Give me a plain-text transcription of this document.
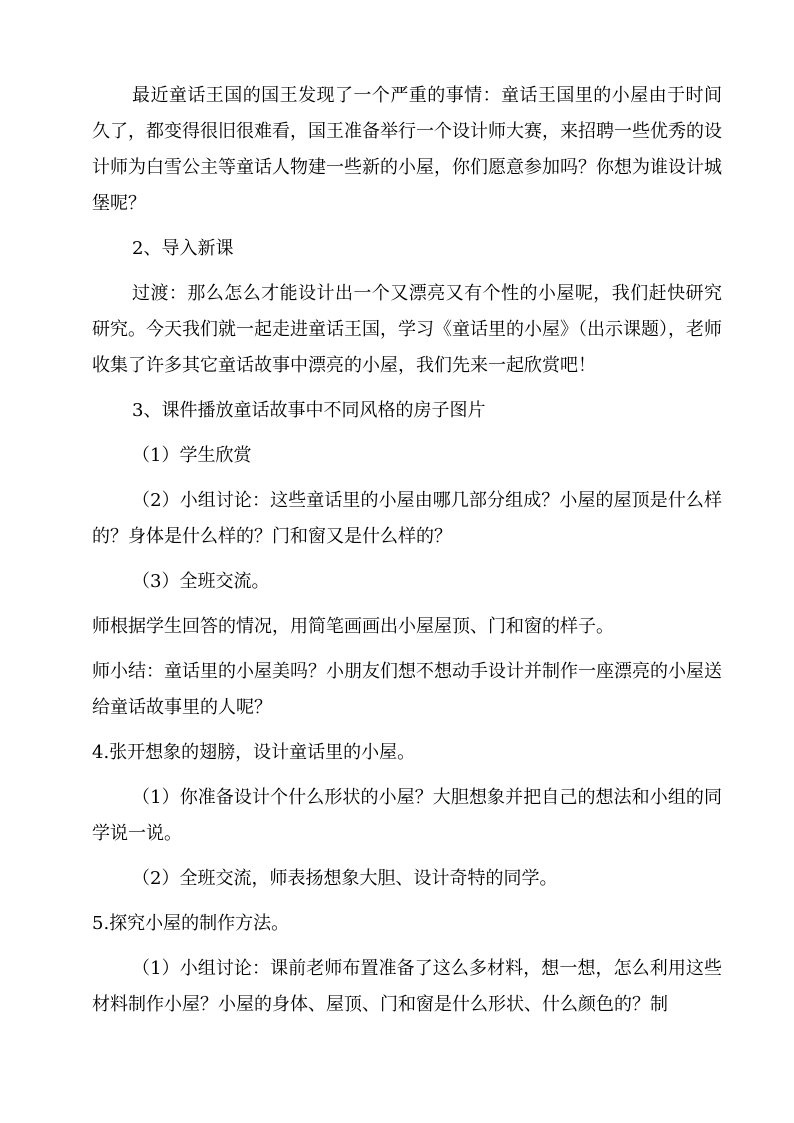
最近童话王国的国王发现了一个严重的事情：童话王国里的小屋由于时间久了，都变得很旧很难看，国王准备举行一个设计师大赛，来招聘一些优秀的设计师为白雪公主等童话人物建一些新的小屋，你们愿意参加吗？你想为谁设计城堡呢？

2、导入新课

过渡：那么怎么才能设计出一个又漂亮又有个性的小屋呢，我们赶快研究研究。今天我们就一起走进童话王国，学习《童话里的小屋》（出示课题），老师收集了许多其它童话故事中漂亮的小屋，我们先来一起欣赏吧！

3、课件播放童话故事中不同风格的房子图片

（1）学生欣赏

（2）小组讨论：这些童话里的小屋由哪几部分组成？小屋的屋顶是什么样的？身体是什么样的？门和窗又是什么样的？

（3）全班交流。

师根据学生回答的情况，用简笔画画出小屋屋顶、门和窗的样子。

师小结：童话里的小屋美吗？小朋友们想不想动手设计并制作一座漂亮的小屋送给童话故事里的人呢？

4.张开想象的翅膀，设计童话里的小屋。

（1）你准备设计个什么形状的小屋？大胆想象并把自己的想法和小组的同学说一说。

（2）全班交流，师表扬想象大胆、设计奇特的同学。

5.探究小屋的制作方法。

（1）小组讨论：课前老师布置准备了这么多材料，想一想，怎么利用这些材料制作小屋？小屋的身体、屋顶、门和窗是什么形状、什么颜色的？制
